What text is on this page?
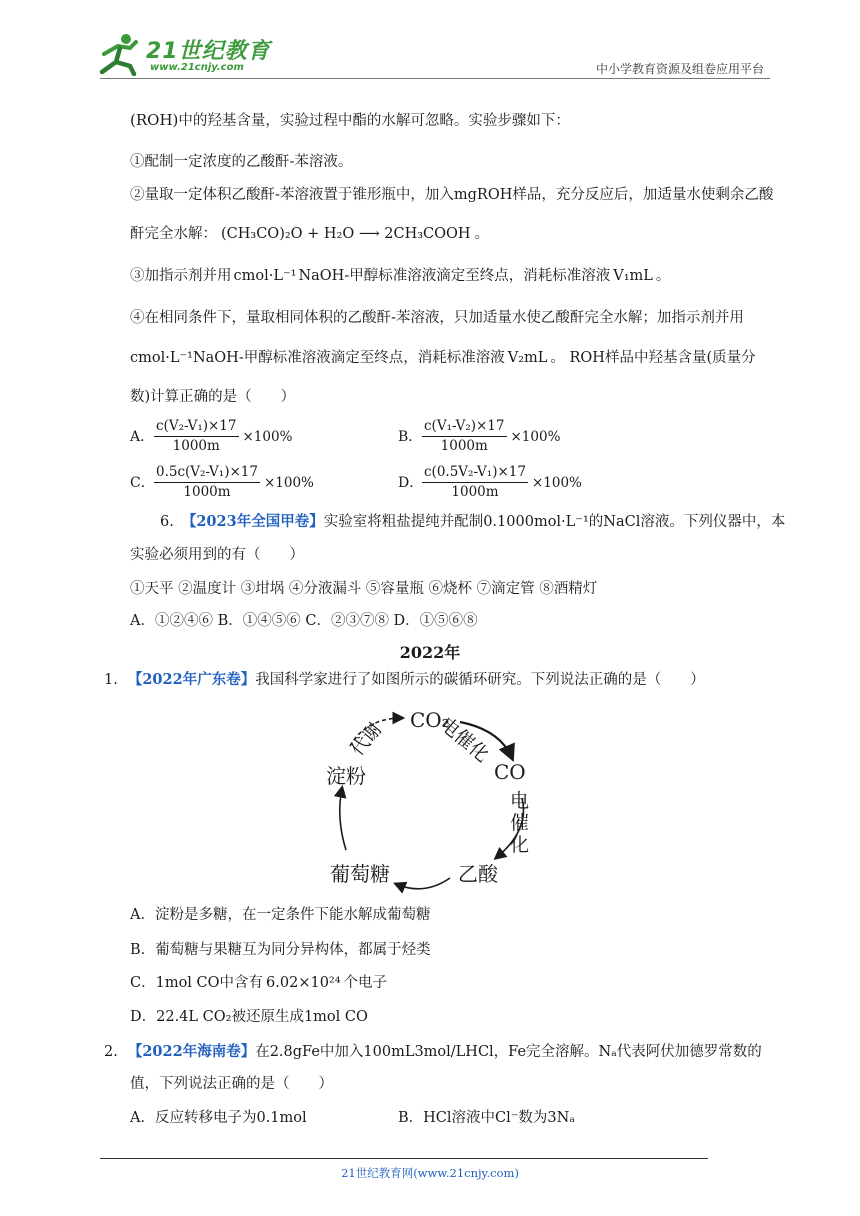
21世纪教育
www.21cnjy.com	中小学教育资源及组卷应用平台
(ROH)中的羟基含量，实验过程中酯的水解可忽略。实验步骤如下：
①配制一定浓度的乙酸酐-苯溶液。
②量取一定体积乙酸酐-苯溶液置于锥形瓶中，加入mgROH样品，充分反应后，加适量水使剩余乙酸
酐完全水解： (CH₃CO)₂O + H₂O ⟶ 2CH₃COOH 。
③加指示剂并用 cmol·L⁻¹ NaOH-甲醇标准溶液滴定至终点，消耗标准溶液 V₁mL 。
④在相同条件下，量取相同体积的乙酸酐-苯溶液，只加适量水使乙酸酐完全水解；加指示剂并用
cmol·L⁻¹NaOH-甲醇标准溶液滴定至终点，消耗标准溶液 V₂mL 。 ROH样品中羟基含量(质量分
数)计算正确的是（　　）
A． $\frac{\text{c(V₂-V₁)×17}}{1000m} \times 100\%$	B． $\frac{\text{c(V₁-V₂)×17}}{1000m} \times 100\%$
C． $\frac{\text{0.5c(V₂-V₁)×17}}{1000m} \times 100\%$	D．
$\frac{\text{c(0.5V₂-V₁)×17}}{1000m} \times 100\%$
6. 【2023年全国甲卷】实验室将粗盐提纯并配制0.1000mol·L⁻¹的NaCl溶液。下列仪器中，本
实验必须用到的有（　　）
①天平 ②温度计 ③坩埚 ④分液漏斗 ⑤容量瓶 ⑥烧杯 ⑦滴定管 ⑧酒精灯
A．①②④⑥ B．①④⑤⑥ C．②③⑦⑧ D．①⑤⑥⑧
2022年
1. 【2022年广东卷】我国科学家进行了如图所示的碳循环研究。下列说法正确的是（　　）
CO₂
电催化
CO
电
催
化
乙酸
葡萄糖
淀粉
代谢
A．淀粉是多糖，在一定条件下能水解成葡萄糖
B．葡萄糖与果糖互为同分异构体，都属于烃类
C．1mol CO中含有 6.02×10²⁴ 个电子
D．22.4L CO₂被还原生成1mol CO
2. 【2022年海南卷】在2.8gFe中加入100mL3mol/LHCl，Fe完全溶解。Nₐ代表阿伏加德罗常数的
值，下列说法正确的是（　　）
A．反应转移电子为0.1mol	B．HCl溶液中Cl⁻数为3Nₐ
21世纪教育网(www.21cnjy.com)
